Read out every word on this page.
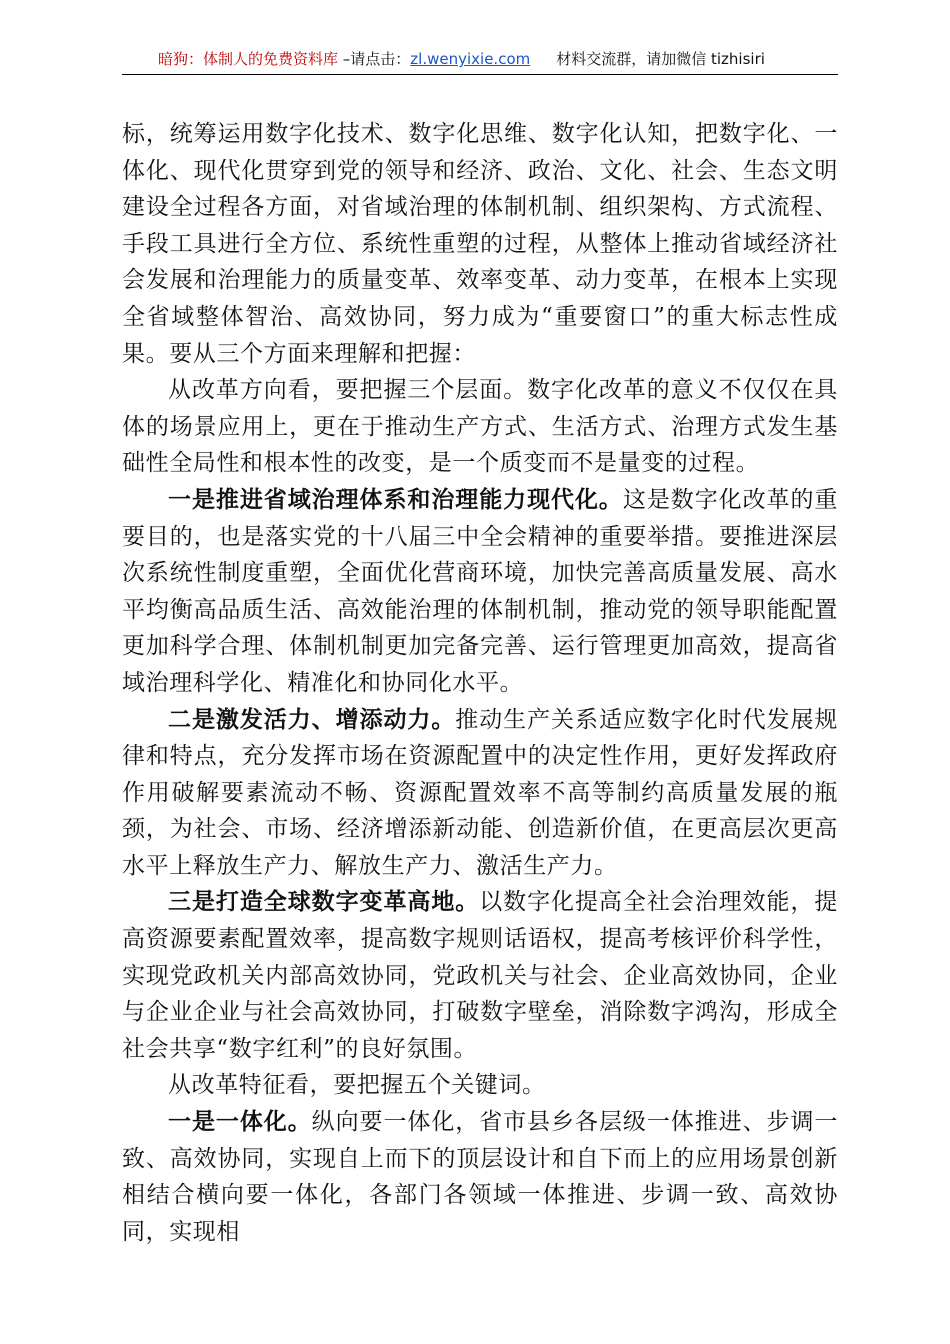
暗狗：体制人的免费资料库 –请点击：zl.wenyixie.com 材料交流群，请加微信 tizhisiri

标，统筹运用数字化技术、数字化思维、数字化认知，把数字化、一体化、现代化贯穿到党的领导和经济、政治、文化、社会、生态文明建设全过程各方面，对省域治理的体制机制、组织架构、方式流程、手段工具进行全方位、系统性重塑的过程，从整体上推动省域经济社会发展和治理能力的质量变革、效率变革、动力变革，在根本上实现全省域整体智治、高效协同，努力成为“重要窗口”的重大标志性成果。要从三个方面来理解和把握：

从改革方向看，要把握三个层面。数字化改革的意义不仅仅在具体的场景应用上，更在于推动生产方式、生活方式、治理方式发生基础性全局性和根本性的改变，是一个质变而不是量变的过程。

一是推进省域治理体系和治理能力现代化。这是数字化改革的重要目的，也是落实党的十八届三中全会精神的重要举措。要推进深层次系统性制度重塑，全面优化营商环境，加快完善高质量发展、高水平均衡高品质生活、高效能治理的体制机制，推动党的领导职能配置更加科学合理、体制机制更加完备完善、运行管理更加高效，提高省域治理科学化、精准化和协同化水平。

二是激发活力、增添动力。推动生产关系适应数字化时代发展规律和特点，充分发挥市场在资源配置中的决定性作用，更好发挥政府作用破解要素流动不畅、资源配置效率不高等制约高质量发展的瓶颈，为社会、市场、经济增添新动能、创造新价值，在更高层次更高水平上释放生产力、解放生产力、激活生产力。

三是打造全球数字变革高地。以数字化提高全社会治理效能，提高资源要素配置效率，提高数字规则话语权，提高考核评价科学性，实现党政机关内部高效协同，党政机关与社会、企业高效协同，企业与企业企业与社会高效协同，打破数字壁垒，消除数字鸿沟，形成全社会共享“数字红利”的良好氛围。

从改革特征看，要把握五个关键词。

一是一体化。纵向要一体化，省市县乡各层级一体推进、步调一致、高效协同，实现自上而下的顶层设计和自下而上的应用场景创新相结合横向要一体化，各部门各领域一体推进、步调一致、高效协同，实现相
